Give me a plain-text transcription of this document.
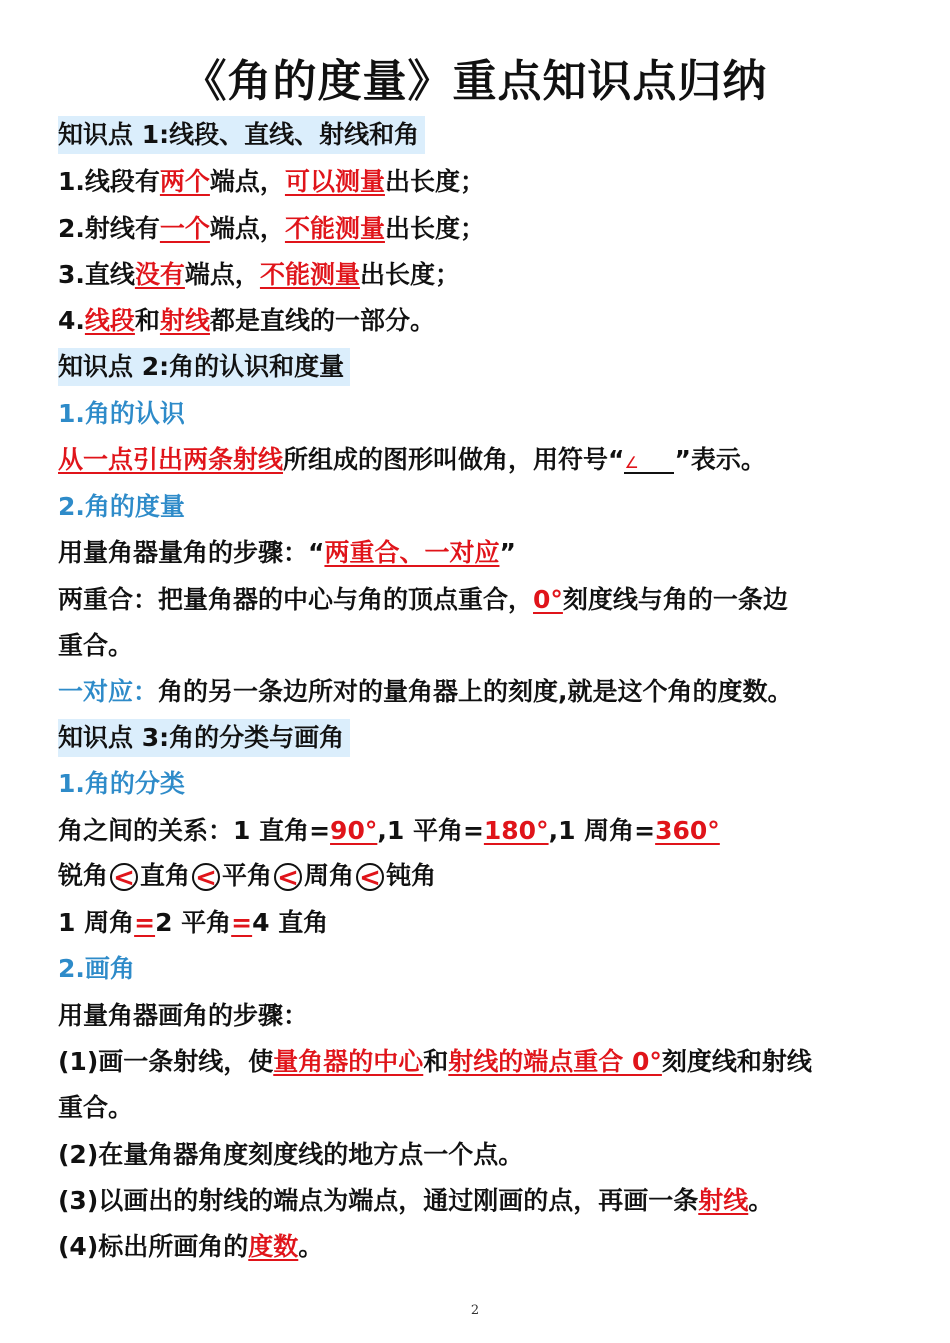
《角的度量》重点知识点归纳
知识点 1:线段、直线、射线和角
1.线段有两个端点，可以测量出长度；
2.射线有一个端点，不能测量出长度；
3.直线没有端点，不能测量出长度；
4.线段和射线都是直线的一部分。
知识点 2:角的认识和度量
1.角的认识
从一点引出两条射线所组成的图形叫做角，用符号“∠ ”表示。
2.角的度量
用量角器量角的步骤：“两重合、一对应”
两重合：把量角器的中心与角的顶点重合，0°刻度线与角的一条边
重合。
一对应：角的另一条边所对的量角器上的刻度,就是这个角的度数。
知识点 3:角的分类与画角
1.角的分类
角之间的关系：1 直角=90°,1 平角=180°,1 周角=360°
锐角 < 直角 < 平角 < 周角 < 钝角
1 周角=2 平角=4 直角
2.画角
用量角器画角的步骤：
(1)画一条射线，使量角器的中心和射线的端点重合 0°刻度线和射线
重合。
(2)在量角器角度刻度线的地方点一个点。
(3)以画出的射线的端点为端点，通过刚画的点，再画一条射线。
(4)标出所画角的度数。
2
